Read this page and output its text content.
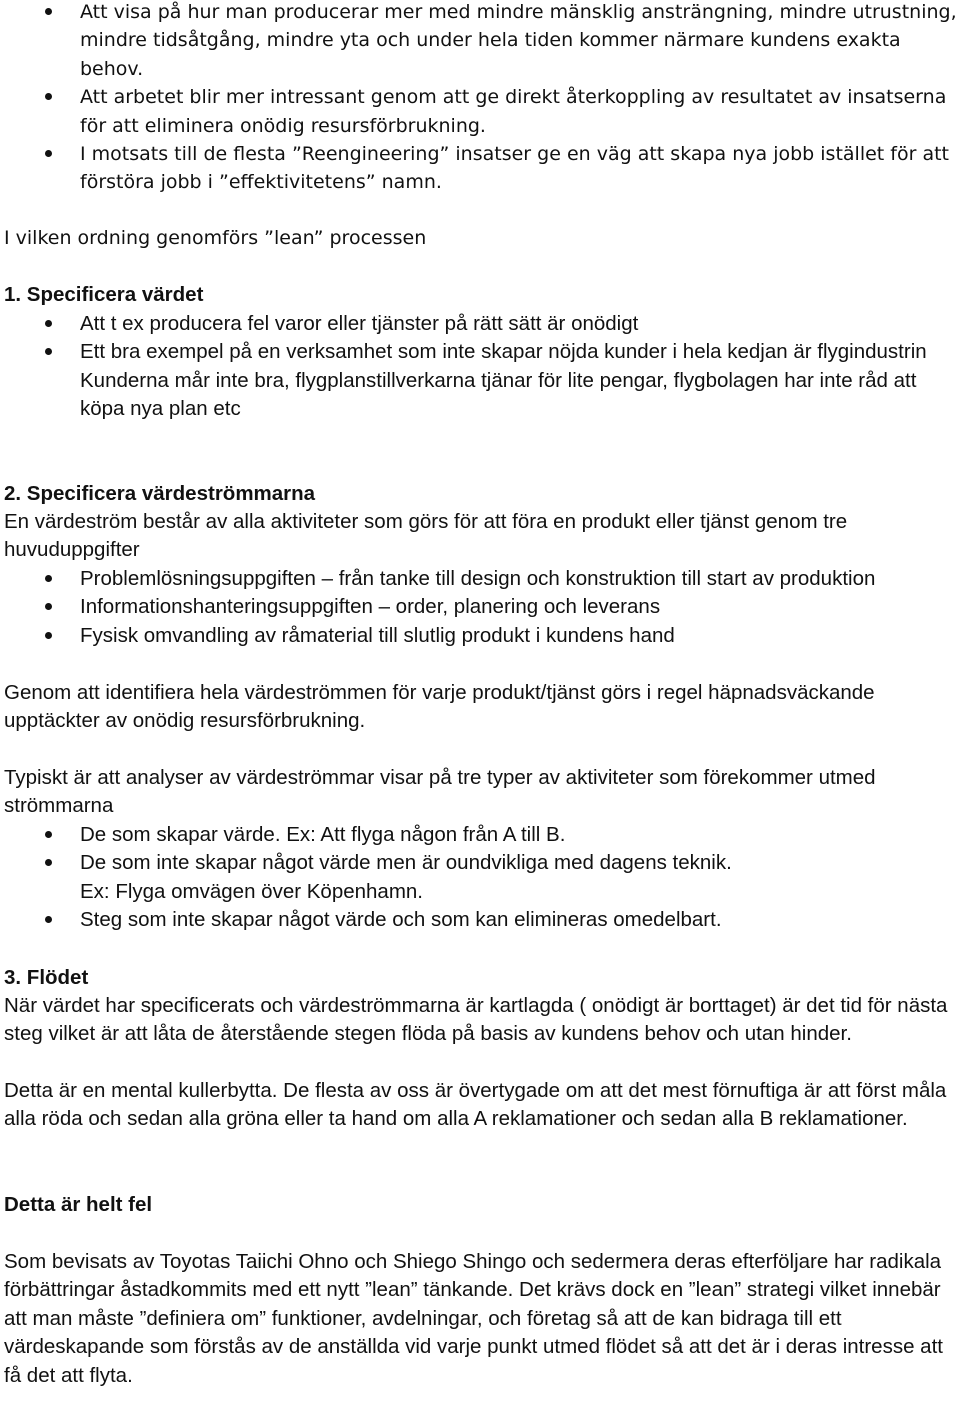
Att visa på hur man producerar mer med mindre mänsklig ansträngning, mindre utrustning, mindre tidsåtgång, mindre yta och under hela tiden kommer närmare kundens exakta behov.
Att arbetet blir mer intressant genom att ge direkt återkoppling av resultatet av insatserna för att eliminera onödig resursförbrukning.
I motsats till de flesta ”Reengineering” insatser ge en väg att skapa nya jobb istället för att förstöra jobb i ”effektivitetens” namn.

I vilken ordning genomförs ”lean” processen

1. Specificera värdet

Att t ex producera fel varor eller tjänster på rätt sätt är onödigt
Ett bra exempel på en verksamhet som inte skapar nöjda kunder i hela kedjan är flygindustrin
Kunderna mår inte bra, flygplanstillverkarna tjänar för lite pengar, flygbolagen har inte råd att köpa nya plan etc

2. Specificera värdeströmmarna

En värdeström består av alla aktiviteter som görs för att föra en produkt eller tjänst genom tre huvuduppgifter

Problemlösningsuppgiften – från tanke till design och konstruktion till start av produktion
Informationshanteringsuppgiften – order, planering och leverans
Fysisk omvandling av råmaterial till slutlig produkt i kundens hand

Genom att identifiera hela värdeströmmen för varje produkt/tjänst görs i regel häpnadsväckande upptäckter av onödig resursförbrukning.

Typiskt är att analyser av värdeströmmar visar på tre typer av aktiviteter som förekommer utmed strömmarna

De som skapar värde. Ex: Att flyga någon från A till B.
De som inte skapar något värde men är oundvikliga med dagens teknik.
Ex: Flyga omvägen över Köpenhamn.
Steg som inte skapar något värde och som kan elimineras omedelbart.

3. Flödet

När värdet har specificerats och värdeströmmarna är kartlagda ( onödigt är borttaget) är det tid för nästa steg vilket är att låta de återstående stegen flöda på basis av kundens behov och utan hinder.

Detta är en mental kullerbytta. De flesta av oss är övertygade om att det mest förnuftiga är att först måla alla röda och sedan alla gröna eller ta hand om alla A reklamationer och sedan alla B reklamationer.

Detta är helt fel

Som bevisats av Toyotas Taiichi Ohno och Shiego Shingo och sedermera deras efterföljare har radikala förbättringar åstadkommits med ett nytt ”lean” tänkande. Det krävs dock en ”lean” strategi vilket innebär att man måste ”definiera om” funktioner, avdelningar, och företag så att de kan bidraga till ett värdeskapande som förstås av de anställda vid varje punkt utmed flödet så att det är i deras intresse att få det att flyta.
